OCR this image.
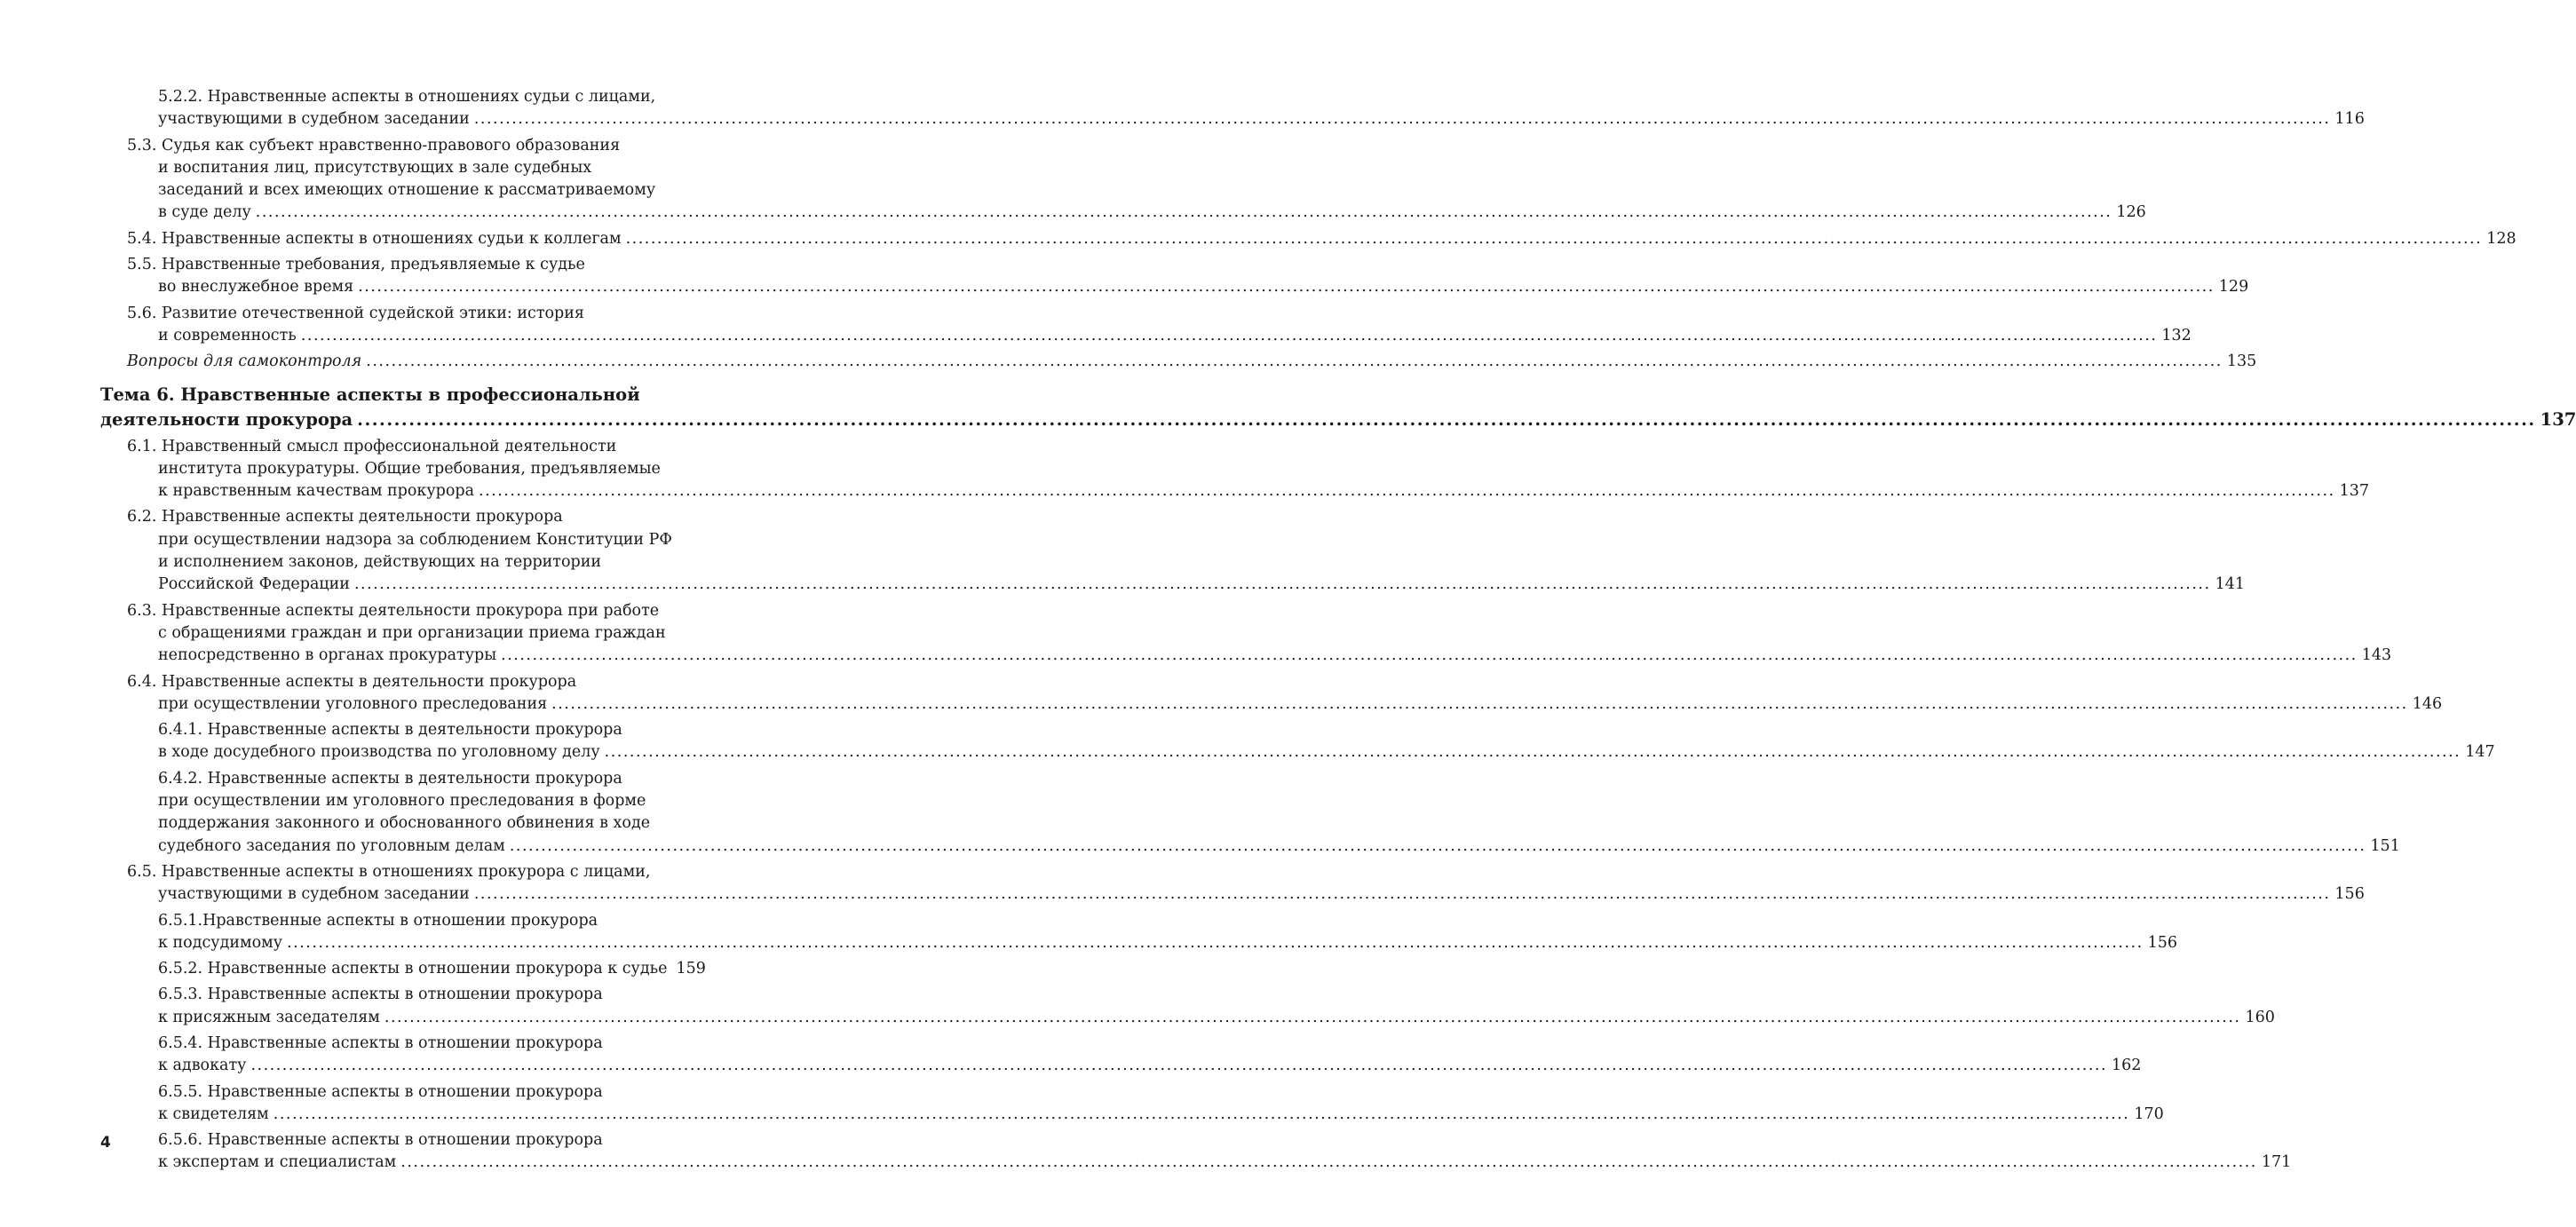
5.2.2. Нравственные аспекты в отношениях судьи с лицами,
участвующими в судебном заседании ........................................................................................................................................................................................................................................................................................................ 116
5.3. Судья как субъект нравственно-правового образования
и воспитания лиц, присутствующих в зале судебных
заседаний и всех имеющих отношение к рассматриваемому
в суде делу ........................................................................................................................................................................................................................................................................................................ 126
5.4. Нравственные аспекты в отношениях судьи к коллегам ........................................................................................................................................................................................................................................................................................................ 128
5.5. Нравственные требования, предъявляемые к судье
во внеслужебное время ........................................................................................................................................................................................................................................................................................................ 129
5.6. Развитие отечественной судейской этики: история
и современность ........................................................................................................................................................................................................................................................................................................ 132
Вопросы для самоконтроля ........................................................................................................................................................................................................................................................................................................ 135
Тема 6. Нравственные аспекты в профессиональной
деятельности прокурора ........................................................................................................................................................................................................................................................................................................ 137
6.1. Нравственный смысл профессиональной деятельности
института прокуратуры. Общие требования, предъявляемые
к нравственным качествам прокурора ........................................................................................................................................................................................................................................................................................................ 137
6.2. Нравственные аспекты деятельности прокурора
при осуществлении надзора за соблюдением Конституции РФ
и исполнением законов, действующих на территории
Российской Федерации ........................................................................................................................................................................................................................................................................................................ 141
6.3. Нравственные аспекты деятельности прокурора при работе
с обращениями граждан и при организации приема граждан
непосредственно в органах прокуратуры ........................................................................................................................................................................................................................................................................................................ 143
6.4. Нравственные аспекты в деятельности прокурора
при осуществлении уголовного преследования ........................................................................................................................................................................................................................................................................................................ 146
6.4.1. Нравственные аспекты в деятельности прокурора
в ходе досудебного производства по уголовному делу ........................................................................................................................................................................................................................................................................................................ 147
6.4.2. Нравственные аспекты в деятельности прокурора
при осуществлении им уголовного преследования в форме
поддержания законного и обоснованного обвинения в ходе
судебного заседания по уголовным делам ........................................................................................................................................................................................................................................................................................................ 151
6.5. Нравственные аспекты в отношениях прокурора с лицами,
участвующими в судебном заседании ........................................................................................................................................................................................................................................................................................................ 156
6.5.1.Нравственные аспекты в отношении прокурора
к подсудимому ........................................................................................................................................................................................................................................................................................................ 156
6.5.2. Нравственные аспекты в отношении прокурора к судье 159
6.5.3. Нравственные аспекты в отношении прокурора
к присяжным заседателям ........................................................................................................................................................................................................................................................................................................ 160
6.5.4. Нравственные аспекты в отношении прокурора
к адвокату ........................................................................................................................................................................................................................................................................................................ 162
6.5.5. Нравственные аспекты в отношении прокурора
к свидетелям ........................................................................................................................................................................................................................................................................................................ 170
6.5.6. Нравственные аспекты в отношении прокурора
к экспертам и специалистам ........................................................................................................................................................................................................................................................................................................ 171
4
